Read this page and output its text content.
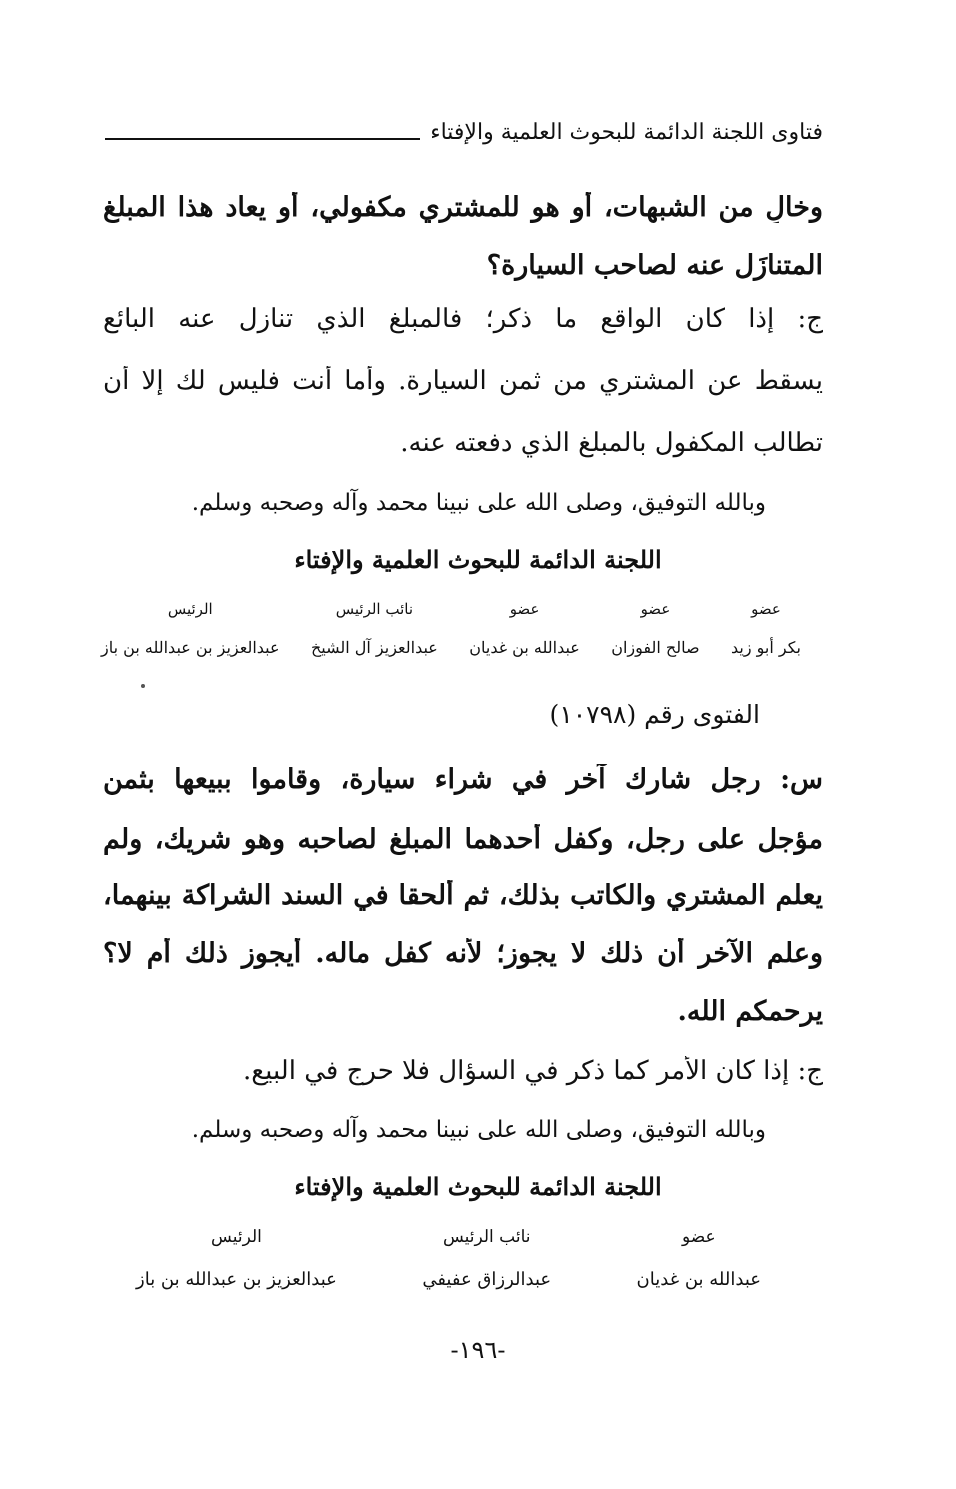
فتاوى اللجنة الدائمة للبحوث العلمية والإفتاء
وخالٍ من الشبهات، أو هو للمشتري مكفولي، أو يعاد هذا المبلغ
المتنازَل عنه لصاحب السيارة؟
ج: إذا كان الواقع ما ذكر؛ فالمبلغ الذي تنازل عنه البائع
يسقط عن المشتري من ثمن السيارة. وأما أنت فليس لك إلا أن
تطالب المكفول بالمبلغ الذي دفعته عنه.
وبالله التوفيق، وصلى الله على نبينا محمد وآله وصحبه وسلم.
اللجنة الدائمة للبحوث العلمية والإفتاء
عضو
بكر أبو زيد
عضو
صالح الفوزان
عضو
عبدالله بن غديان
نائب الرئيس
عبدالعزيز آل الشيخ
الرئيس
عبدالعزيز بن عبدالله بن باز
الفتوى رقم (١٠٧٩٨)
س: رجل شارك آخر في شراء سيارة، وقاموا ببيعها بثمن
مؤجل على رجل، وكفل أحدهما المبلغ لصاحبه وهو شريك، ولم
يعلم المشتري والكاتب بذلك، ثم ألحقا في السند الشراكة بينهما،
وعلم الآخر أن ذلك لا يجوز؛ لأنه كفل ماله. أيجوز ذلك أم لا؟
يرحمكم الله.
ج: إذا كان الأمر كما ذكر في السؤال فلا حرج في البيع.
وبالله التوفيق، وصلى الله على نبينا محمد وآله وصحبه وسلم.
اللجنة الدائمة للبحوث العلمية والإفتاء
عضو
عبدالله بن غديان
نائب الرئيس
عبدالرزاق عفيفي
الرئيس
عبدالعزيز بن عبدالله بن باز
-١٩٦-
